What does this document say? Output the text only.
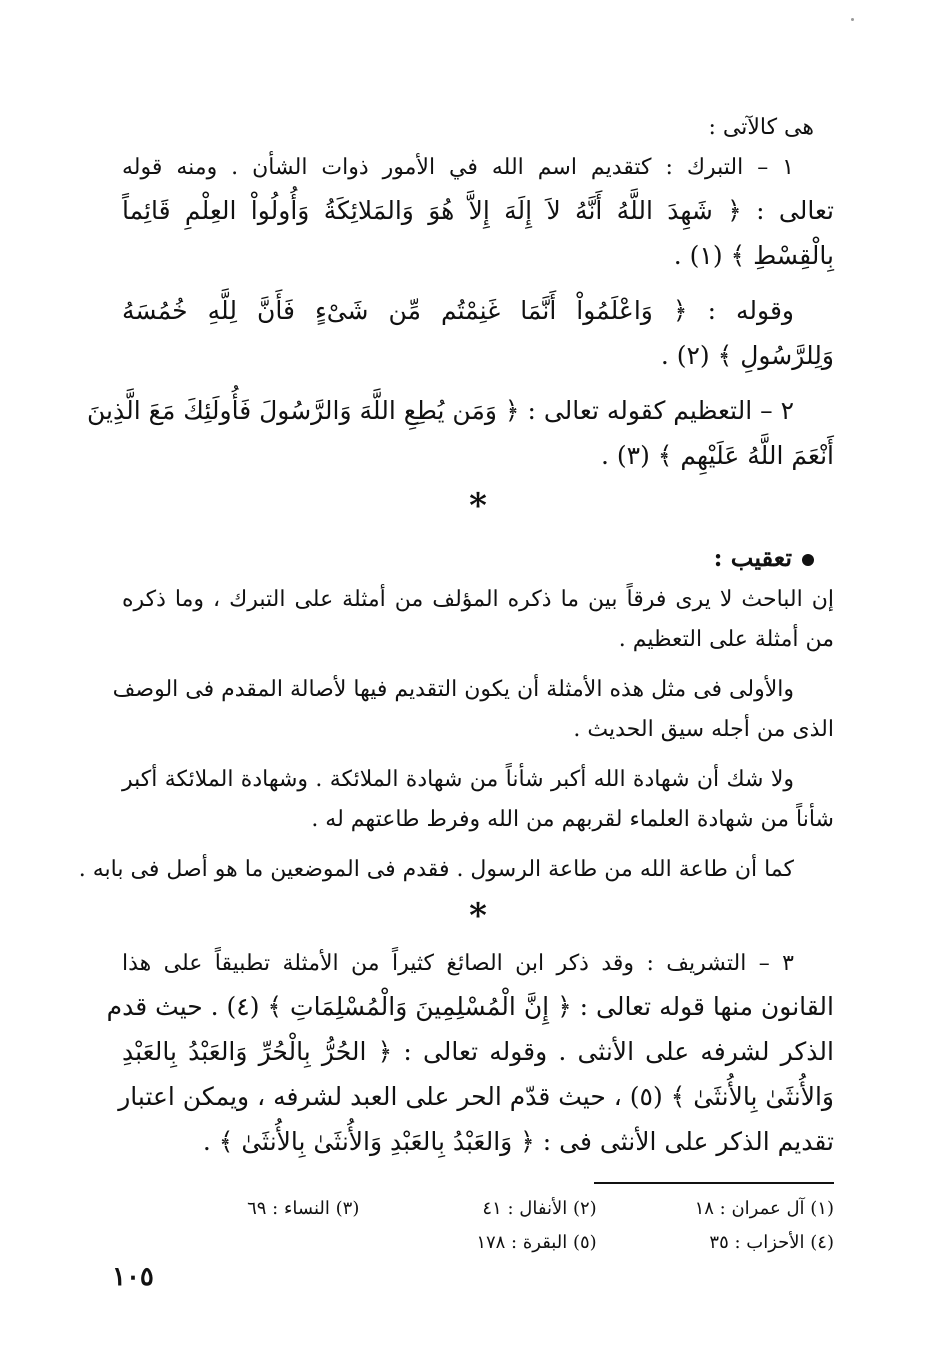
هى كالآتى :
١ – التبرك : كتقديم اسم الله في الأمور ذوات الشأن . ومنه قوله
تعالى : ﴿ شَهِدَ اللَّهُ أَنَّهُ لاَ إِلَهَ إِلاَّ هُوَ وَالمَلائِكَةُ وَأُولُواْ العِلْمِ قَائِماً
بِالْقِسْطِ ﴾ (١) .
وقوله : ﴿ وَاعْلَمُواْ أَنَّمَا غَنِمْتُم مِّن شَىْءٍ فَأَنَّ لِلَّهِ خُمُسَهُ
وَلِلرَّسُولِ ﴾ (٢) .
٢ – التعظيم كقوله تعالى : ﴿ وَمَن يُطِعِ اللَّهَ وَالرَّسُولَ فَأُولَئِكَ مَعَ الَّذِينَ
أَنْعَمَ اللَّهُ عَلَيْهِم ﴾ (٣) .
*
تعقيب :
إن الباحث لا يرى فرقاً بين ما ذكره المؤلف من أمثلة على التبرك ، وما ذكره
من أمثلة على التعظيم .
والأولى فى مثل هذه الأمثلة أن يكون التقديم فيها لأصالة المقدم فى الوصف
الذى من أجله سيق الحديث .
ولا شك أن شهادة الله أكبر شأناً من شهادة الملائكة . وشهادة الملائكة أكبر
شأناً من شهادة العلماء لقربهم من الله وفرط طاعتهم له .
كما أن طاعة الله من طاعة الرسول . فقدم فى الموضعين ما هو أصل فى بابه .
*
٣ – التشريف : وقد ذكر ابن الصائغ كثيراً من الأمثلة تطبيقاً على هذا
القانون منها قوله تعالى : ﴿ إِنَّ الْمُسْلِمِينَ وَالْمُسْلِمَاتِ ﴾ (٤) . حيث قدم
الذكر لشرفه على الأنثى . وقوله تعالى : ﴿ الحُرُّ بِالْحُرِّ وَالعَبْدُ بِالعَبْدِ
وَالأُنثَىٰ بِالأُنثَىٰ ﴾ (٥) ، حيث قدّم الحر على العبد لشرفه ، ويمكن اعتبار
تقديم الذكر على الأنثى فى : ﴿ وَالعَبْدُ بِالعَبْدِ وَالأُنثَىٰ بِالأُنثَىٰ ﴾ .
(١) آل عمران : ١٨
(٢) الأنفال : ٤١
(٣) النساء : ٦٩
(٤) الأحزاب : ٣٥
(٥) البقرة : ١٧٨
١٠٥
